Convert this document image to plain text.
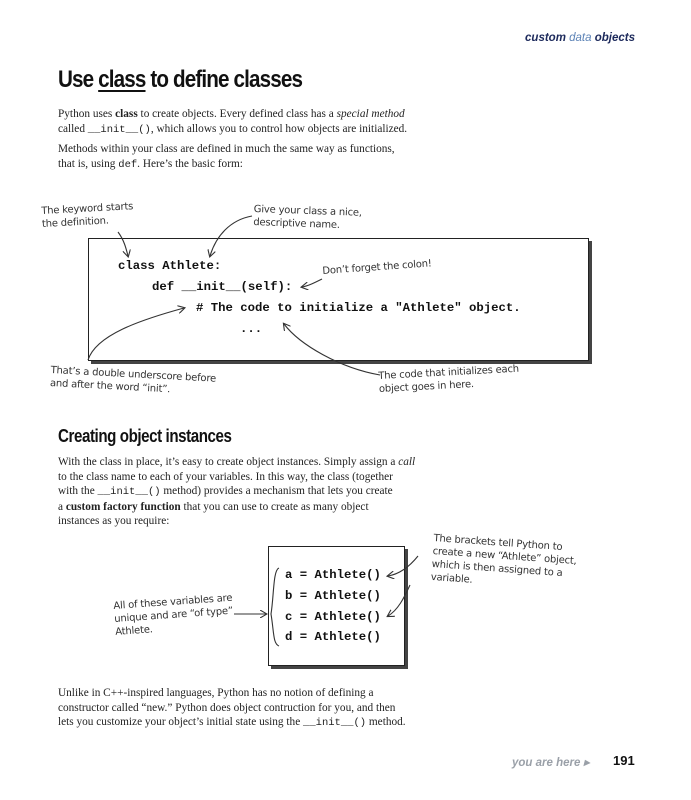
custom data objects
Use class to define classes
Python uses class to create objects. Every defined class has a special method
called __init__(), which allows you to control how objects are initialized.
Methods within your class are defined in much the same way as functions,
that is, using def. Here’s the basic form:
class Athlete:
def __init__(self):
# The code to initialize a "Athlete" object.
...
The keyword starts
the definition.
Give your class a nice,
descriptive name.
Don’t forget the colon!
That’s a double underscore before
and after the word “init”.
The code that initializes each
object goes in here.
Creating object instances
With the class in place, it’s easy to create object instances. Simply assign a call
to the class name to each of your variables. In this way, the class (together
with the __init__() method) provides a mechanism that lets you create
a custom factory function that you can use to create as many object
instances as you require:
a = Athlete()
b = Athlete()
c = Athlete()
d = Athlete()
The brackets tell Python to
create a new “Athlete” object,
which is then assigned to a
variable.
All of these variables are
unique and are “of type”
Athlete.
Unlike in C++-inspired languages, Python has no notion of defining a
constructor called “new.” Python does object contruction for you, and then
lets you customize your object’s initial state using the __init__() method.
you are here ▸ 191
